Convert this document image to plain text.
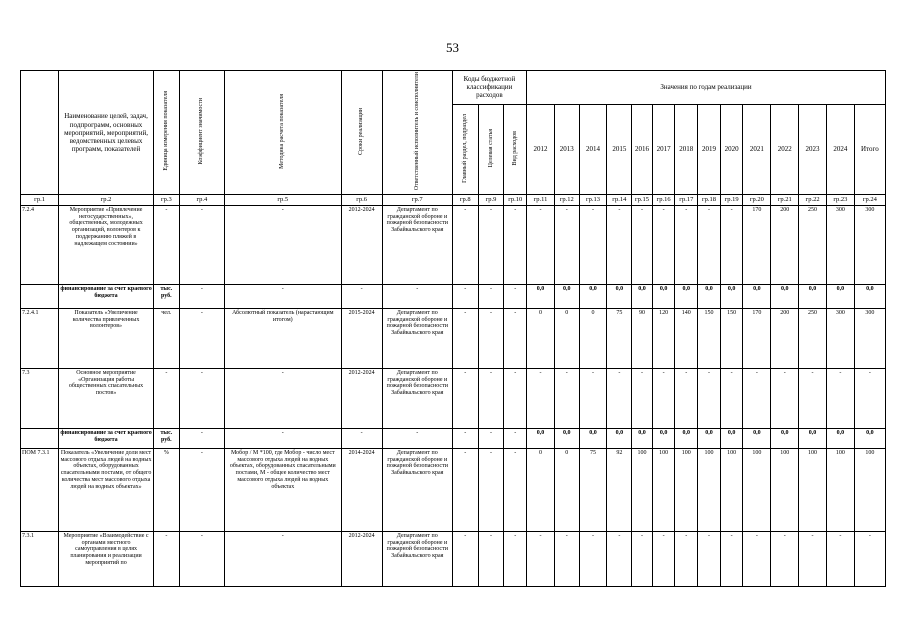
53
	Наименование целей, задач, подпрограмм, основных мероприятий, мероприятий, ведомственных целевых программ, показателей	Единица измерения показателя	Коэффициент значимости	Методика расчета показателя	Сроки реализации	Ответственный исполнитель и соисполнители	Коды бюджетной классификации расходов			Значения по годам реализации													
							Главный раздел, подраздел	Целевая статья	Вид расходов	2012	2013	2014	2015	2016	2017	2018	2019	2020	2021	2022	2023	2024	Итого
гр.1	гр.2	гр.3	гр.4	гр.5	гр.6	гр.7	гр.8	гр.9	гр.10	гр.11	гр.12	гр.13	гр.14	гр.15	гр.16	гр.17	гр.18	гр.19	гр.20	гр.21	гр.22	гр.23	гр.24
7.2.4	Мероприятие «Привлечение негосударственных», общественных, молодежных организаций, волонтеров к поддержанию пляжей в надлежащем состоянии»	-	-	-	2012-2024	Департамент по гражданской обороне и пожарной безопасности Забайкальского края	-	-	-	-	-	-	-	-	-	-	-	-	170	200	250	300	300
	финансирование за счет краевого бюджета	тыс. руб.	-	-	-	-	-	-	-	0,0	0,0	0,0	0,0	0,0	0,0	0,0	0,0	0,0	0,0	0,0	0,0	0,0	0,0
7.2.4.1	Показатель «Увеличение количества привлеченных волонтеров»	чел.	-	Абсолютный показатель (нарастающим итогом)	2015-2024	Департамент по гражданской обороне и пожарной безопасности Забайкальского края	-	-	-	0	0	0	75	90	120	140	150	150	170	200	250	300	300
7.3	Основное мероприятие «Организация работы общественных спасательных постов»	-	-	-	2012-2024	Департамент по гражданской обороне и пожарной безопасности Забайкальского края	-	-	-	-	-	-	-	-	-	-	-	-	-	-	-	-	-
	финансирование за счет краевого бюджета	тыс. руб.	-	-	-	-	-	-	-	0,0	0,0	0,0	0,0	0,0	0,0	0,0	0,0	0,0	0,0	0,0	0,0	0,0	0,0
ПОМ 7.3.1	Показатель «Увеличение доли мест массового отдыха людей на водных объектах, оборудованных спасательными постами, от общего количества мест массового отдыха людей на водных объектах»	%	-	Мобор / М *100, где Мобор - число мест массового отдыха людей на водных объектах, оборудованных спасательными постами, М - общее количество мест массового отдыха людей на водных объектах	2014-2024	Департамент по гражданской обороне и пожарной безопасности Забайкальского края	-	-	-	0	0	75	92	100	100	100	100	100	100	100	100	100	100
7.3.1	Мероприятие «Взаимодействие с органами местного самоуправления в целях планирования и реализации мероприятий по	-	-	-	2012-2024	Департамент по гражданской обороне и пожарной безопасности Забайкальского края	-	-	-	-	-	-	-	-	-	-	-	-	-	-	-	-	-
